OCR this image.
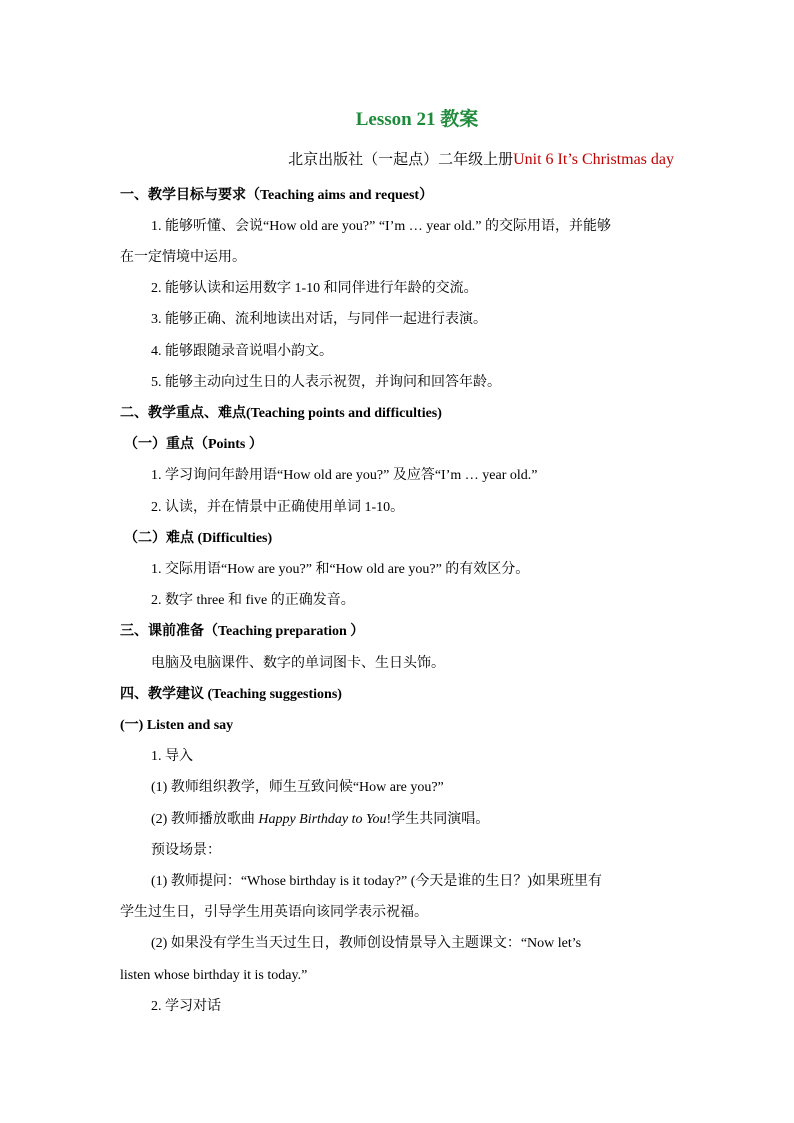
Lesson 21 教案
北京出版社（一起点）二年级上册Unit 6 It’s Christmas day
一、教学目标与要求（Teaching aims and request）
1. 能够听懂、会说“How old are you?” “I’m … year old.” 的交际用语，并能够
在一定情境中运用。
2. 能够认读和运用数字 1-10 和同伴进行年龄的交流。
3. 能够正确、流利地读出对话，与同伴一起进行表演。
4. 能够跟随录音说唱小韵文。
5. 能够主动向过生日的人表示祝贺，并询问和回答年龄。
二、教学重点、难点(Teaching points and difficulties)
（一）重点（Points ）
1. 学习询问年龄用语“How old are you?” 及应答“I’m … year old.”
2. 认读，并在情景中正确使用单词 1-10。
（二）难点 (Difficulties)
1. 交际用语“How are you?” 和“How old are you?” 的有效区分。
2. 数字 three 和 five 的正确发音。
三、课前准备（Teaching preparation ）
电脑及电脑课件、数字的单词图卡、生日头饰。
四、教学建议 (Teaching suggestions)
(一) Listen and say
1. 导入
(1) 教师组织教学，师生互致问候“How are you?”
(2) 教师播放歌曲 Happy Birthday to You!学生共同演唱。
预设场景：
(1) 教师提问：“Whose birthday is it today?” (今天是谁的生日？)如果班里有
学生过生日，引导学生用英语向该同学表示祝福。
(2) 如果没有学生当天过生日，教师创设情景导入主题课文：“Now let’s
listen whose birthday it is today.”
2. 学习对话
